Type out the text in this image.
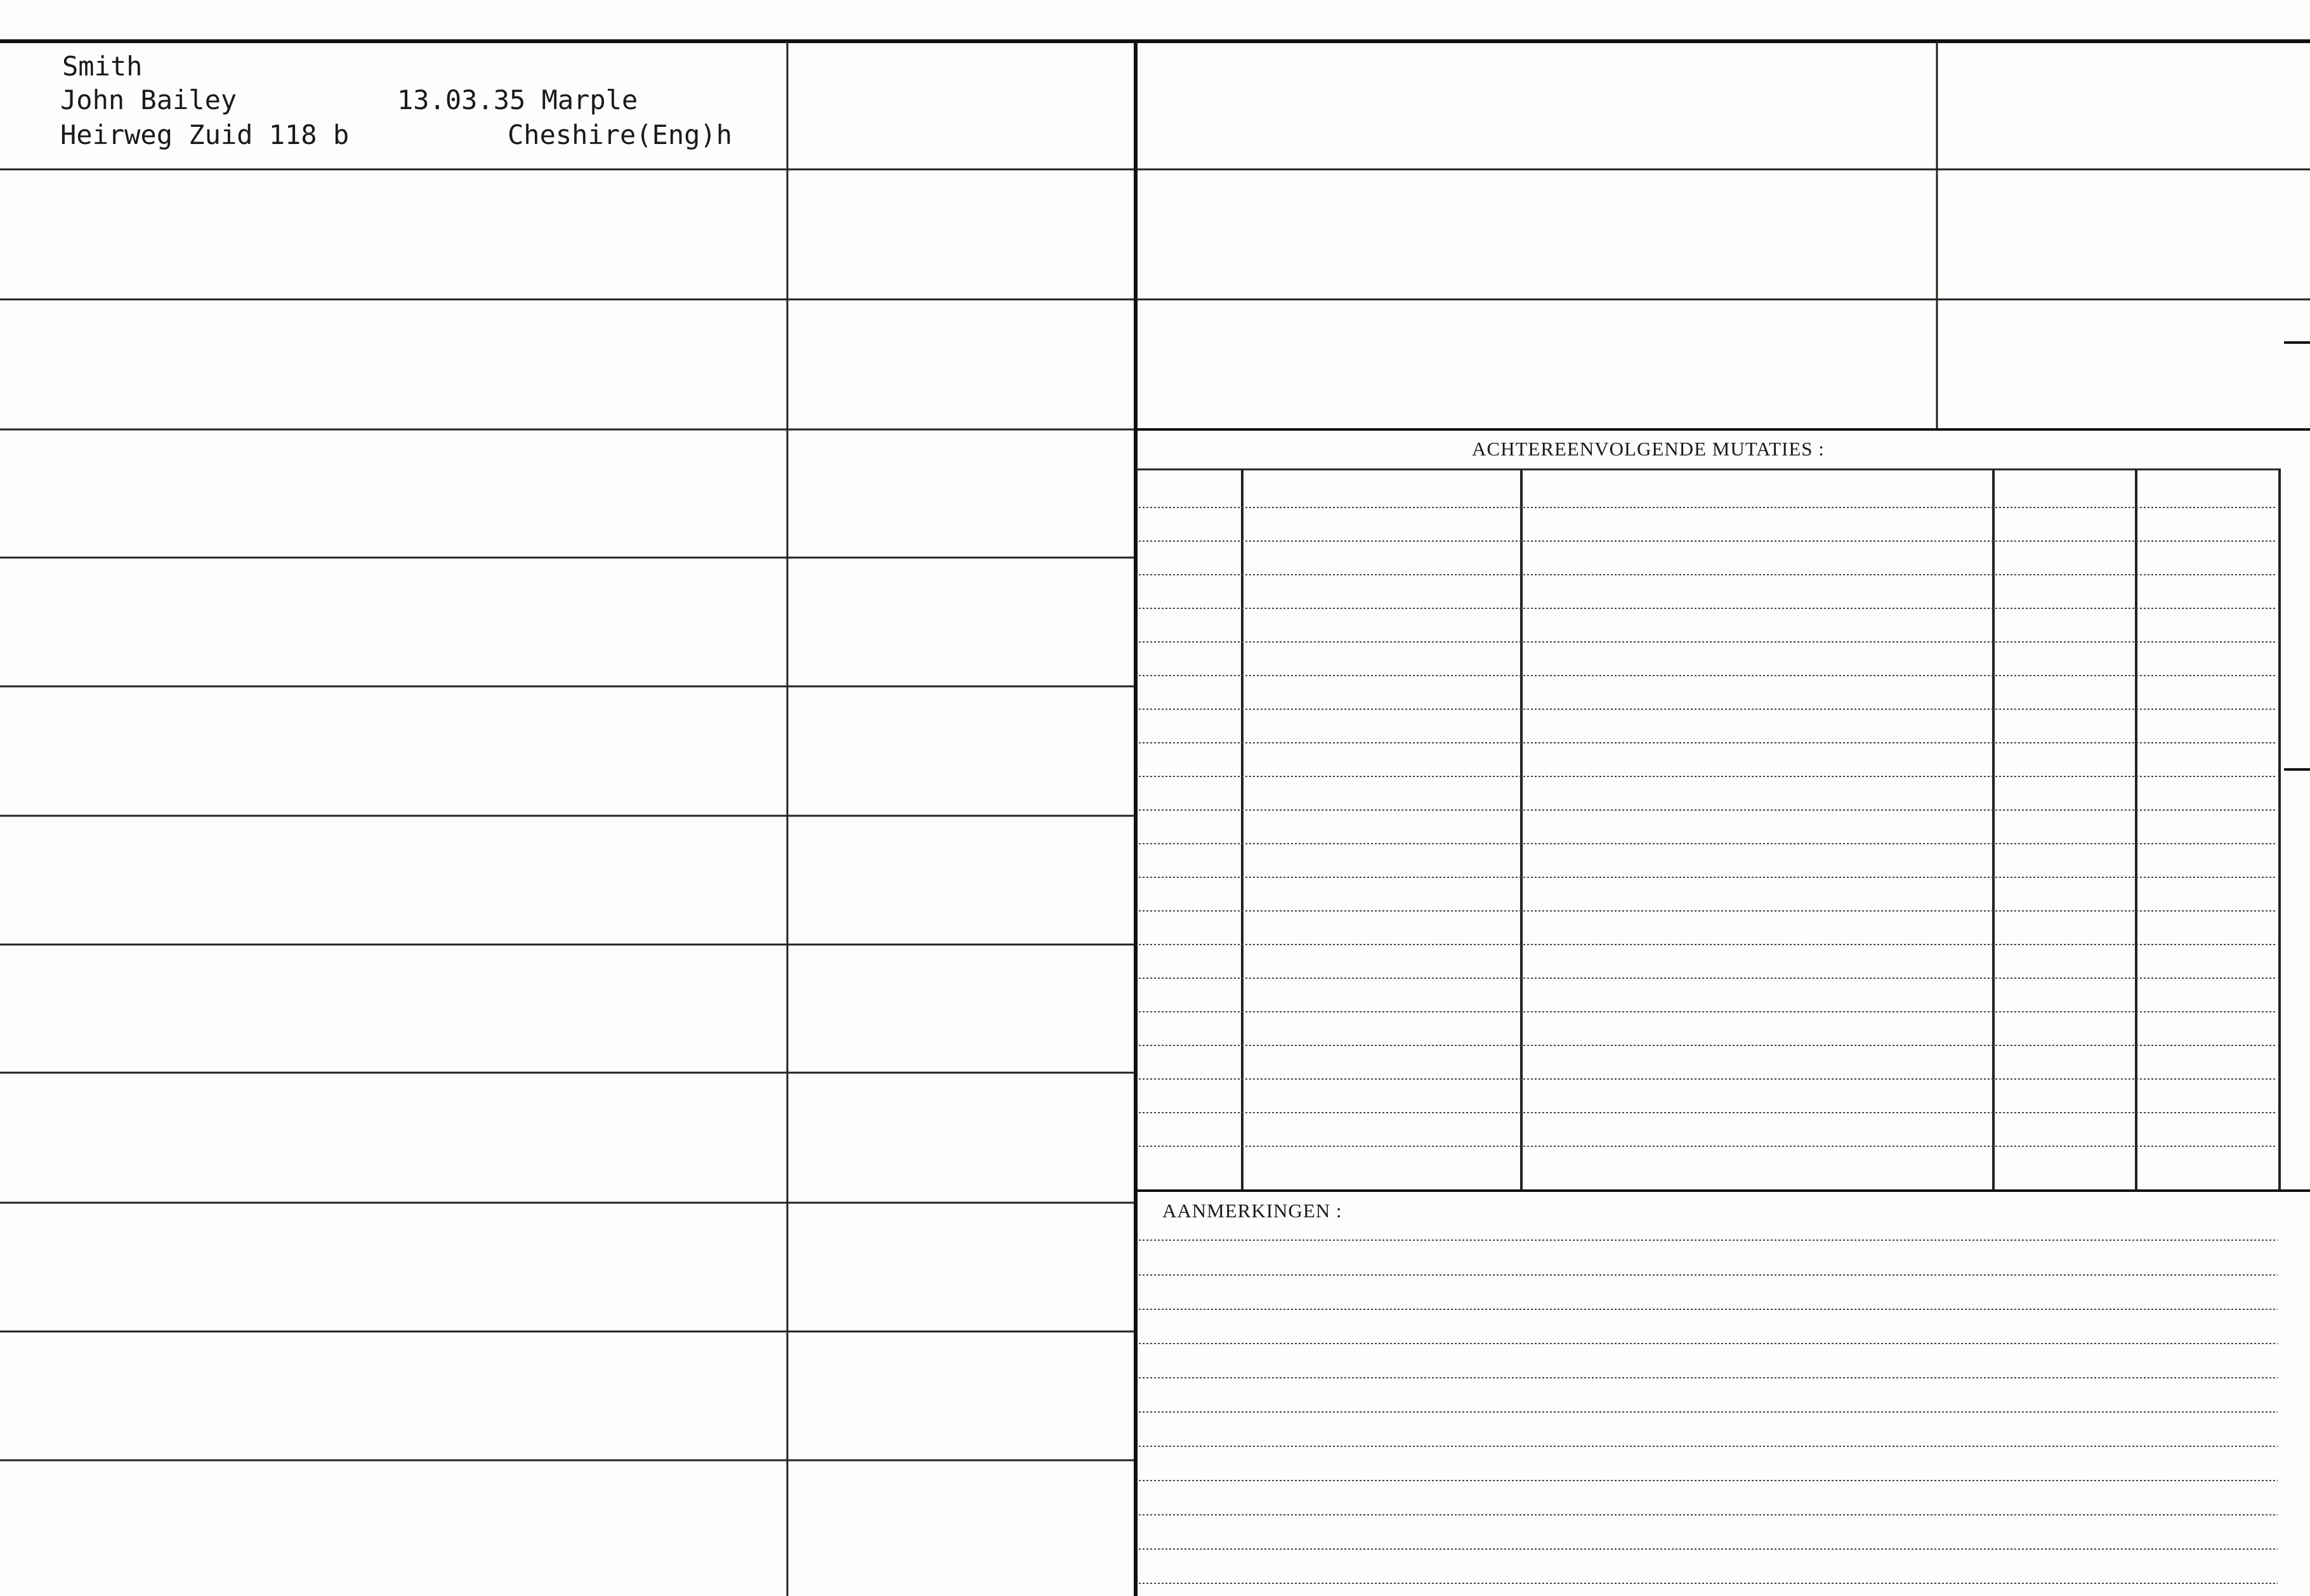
Smith
John Bailey	13.03.35 Marple
Heirweg Zuid 118 b	Cheshire(Eng)h
ACHTEREENVOLGENDE MUTATIES :
AANMERKINGEN :
